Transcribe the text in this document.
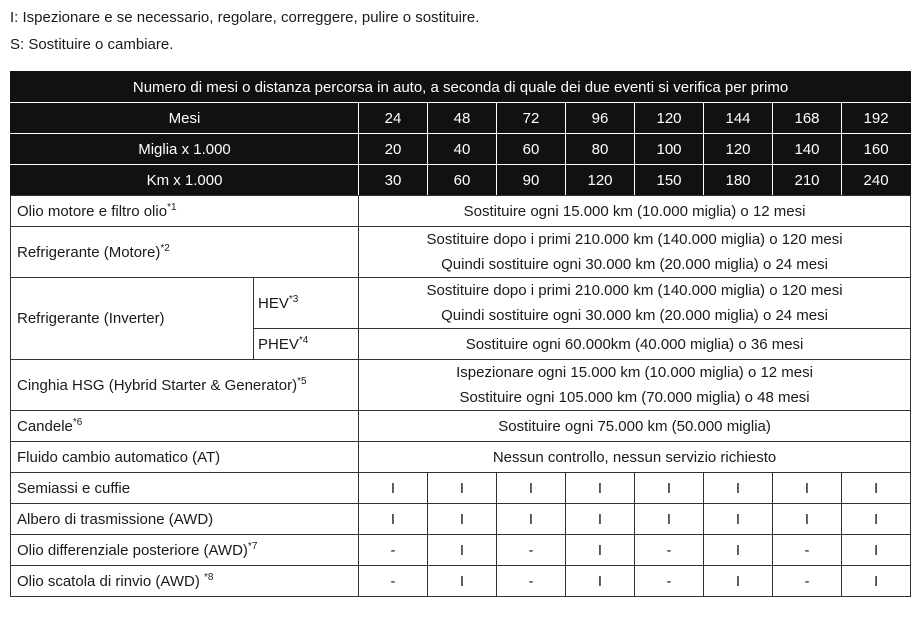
I: Ispezionare e se necessario, regolare, correggere, pulire o sostituire.
S: Sostituire o cambiare.
Numero di mesi o distanza percorsa in auto, a seconda di quale dei due eventi si verifica per primo									
Mesi		24	48	72	96	120	144	168	192
Miglia x 1.000		20	40	60	80	100	120	140	160
Km x 1.000		30	60	90	120	150	180	210	240
Olio motore e filtro olio$^{*1}$		Sostituire ogni 15.000 km (10.000 miglia) o 12 mesi							
Refrigerante (Motore)$^{*2}$		Sostituire dopo i primi 210.000 km (140.000 miglia) o 120 mesi
Quindi sostituire ogni 30.000 km (20.000 miglia) o 24 mesi							

Refrigerante (Inverter)	HEV$^{*3}$	Sostituire dopo i primi 210.000 km (140.000 miglia) o 120 mesi
Quindi sostituire ogni 30.000 km (20.000 miglia) o 24 mesi							

	PHEV$^{*4}$	Sostituire ogni 60.000km (40.000 miglia) o 36 mesi							
Cinghia HSG (Hybrid Starter & Generator)$^{*5}$		Ispezionare ogni 15.000 km (10.000 miglia) o 12 mesi
Sostituire ogni 105.000 km (70.000 miglia) o 48 mesi							

Candele$^{*6}$		Sostituire ogni 75.000 km (50.000 miglia)							
Fluido cambio automatico (AT)		Nessun controllo, nessun servizio richiesto							
Semiassi e cuffie		I	I	I	I	I	I	I	I
Albero di trasmissione (AWD)		I	I	I	I	I	I	I	I
Olio differenziale posteriore (AWD)$^{*7}$		-	I	-	I	-	I	-	I
Olio scatola di rinvio (AWD) $^{*8}$		-	I	-	I	-	I	-	I
